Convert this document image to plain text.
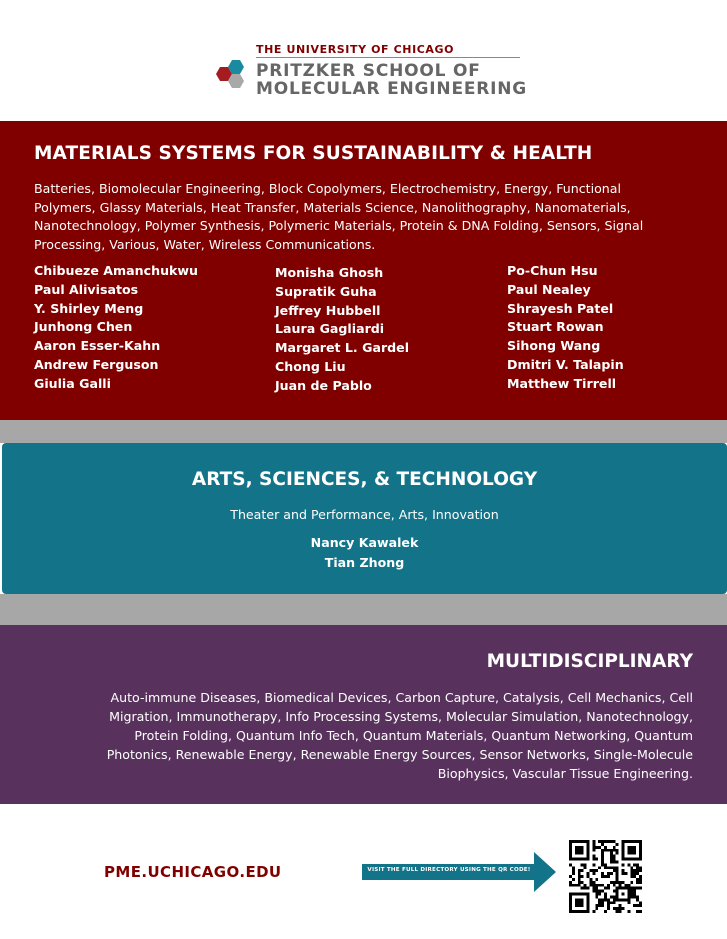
THE UNIVERSITY OF CHICAGO
PRITZKER SCHOOL OF
MOLECULAR ENGINEERING
MATERIALS SYSTEMS FOR SUSTAINABILITY & HEALTH

Batteries, Biomolecular Engineering, Block Copolymers, Electrochemistry, Energy, Functional Polymers, Glassy Materials, Heat Transfer, Materials Science, Nanolithography, Nanomaterials, Nanotechnology, Polymer Synthesis, Polymeric Materials, Protein & DNA Folding, Sensors, Signal Processing, Various, Water, Wireless Communications.

Chibueze Amanchukwu
Paul Alivisatos
Y. Shirley Meng
Junhong Chen
Aaron Esser-Kahn
Andrew Ferguson
Giulia Galli
Monisha Ghosh
Supratik Guha
Jeffrey Hubbell
Laura Gagliardi
Margaret L. Gardel
Chong Liu
Juan de Pablo
Po-Chun Hsu
Paul Nealey
Shrayesh Patel
Stuart Rowan
Sihong Wang
Dmitri V. Talapin
Matthew Tirrell
ARTS, SCIENCES, & TECHNOLOGY

Theater and Performance, Arts, Innovation

Nancy Kawalek
Tian Zhong
MULTIDISCIPLINARY

Auto-immune Diseases, Biomedical Devices, Carbon Capture, Catalysis, Cell Mechanics, Cell Migration, Immunotherapy, Info Processing Systems, Molecular Simulation, Nanotechnology, Protein Folding, Quantum Info Tech, Quantum Materials, Quantum Networking, Quantum Photonics, Renewable Energy, Renewable Energy Sources, Sensor Networks, Single-Molecule Biophysics, Vascular Tissue Engineering.

PME.UCHICAGO.EDU	VISIT THE FULL DIRECTORY USING THE QR CODE!
